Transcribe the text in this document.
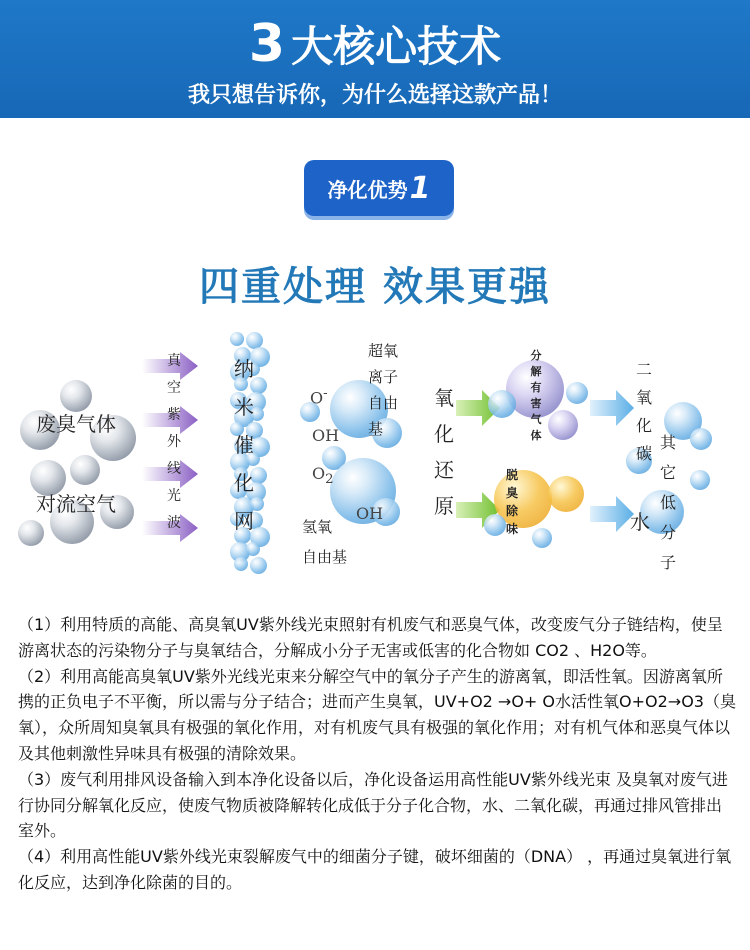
3 大核心技术
我只想告诉你，为什么选择这款产品！
净化优势 1
四重处理 效果更强
废臭气体
对流空气
真
空
紫
外
线
光
波
纳
米
催
化
网
O-
OH
$O_2$
OH
超氧
离子
自由
基
氢氧
自由基
氧
化
还
原
分
解
有
害
气
体
脱
臭
除
味
二
氧
化
碳
水
其
它
低
分
子

（1）利用特质的高能、高臭氧UV紫外线光束照射有机废气和恶臭气体，改变废气分子链结构，使呈游离状态的污染物分子与臭氧结合，分解成小分子无害或低害的化合物如 CO2 、H2O等。

（2）利用高能高臭氧UV紫外光线光束来分解空气中的氧分子产生的游离氧，即活性氧。因游离氧所携的正负电子不平衡，所以需与分子结合；进而产生臭氧，UV+O2 →O+ O水活性氧O+O2→O3（臭氧），众所周知臭氧具有极强的氧化作用，对有机废气具有极强的氧化作用；对有机气体和恶臭气体以及其他刺激性异味具有极强的清除效果。

（3）废气利用排风设备输入到本净化设备以后，净化设备运用高性能UV紫外线光束 及臭氧对废气进行协同分解氧化反应，使废气物质被降解转化成低于分子化合物，水、二氧化碳，再通过排风管排出室外。

（4）利用高性能UV紫外线光束裂解废气中的细菌分子键，破坏细菌的（DNA） ，再通过臭氧进行氧化反应，达到净化除菌的目的。
